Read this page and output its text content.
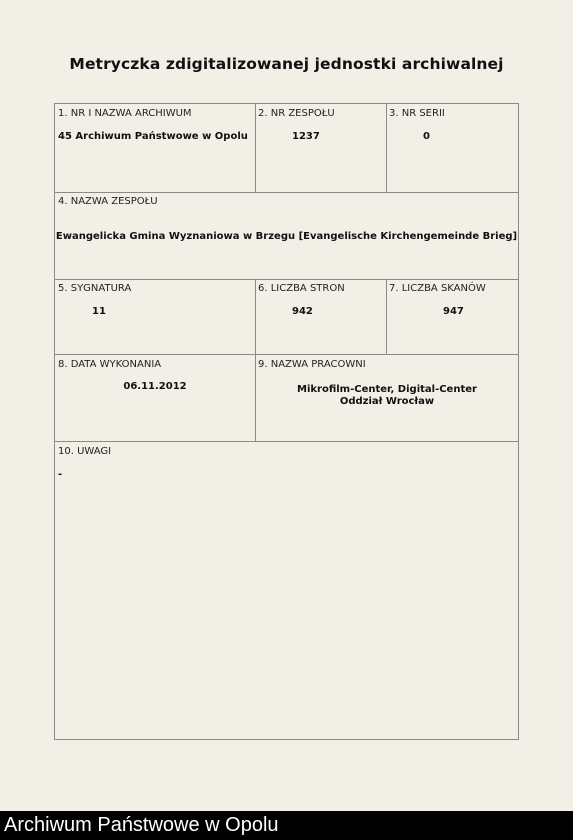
Metryczka zdigitalizowanej jednostki archiwalnej
1. NR I NAZWA ARCHIWUM
45 Archiwum Państwowe w Opolu
2. NR ZESPOŁU
1237
3. NR SERII
0
4. NAZWA ZESPOŁU
Ewangelicka Gmina Wyznaniowa w Brzegu [Evangelische Kirchengemeinde Brieg]
5. SYGNATURA
11
6. LICZBA STRON
942
7. LICZBA SKANÓW
947
8. DATA WYKONANIA
06.11.2012
9. NAZWA PRACOWNI
Mikrofilm-Center, Digital-Center
Oddział Wrocław
10. UWAGI
-
Archiwum Państwowe w Opolu
